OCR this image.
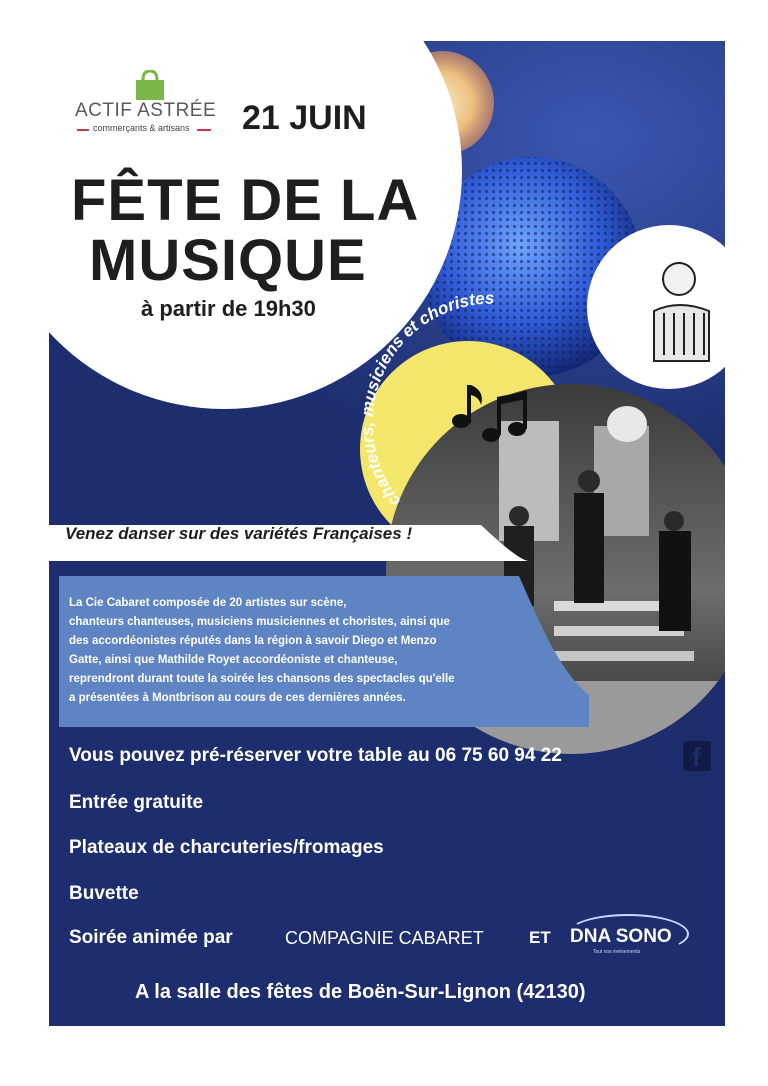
ACTIF ASTRÉE
commerçants & artisans 21 JUIN
FÊTE DE LA
MUSIQUE
à partir de 19h30
chanteurs, musiciens et choristes
Venez danser sur des variétés Françaises !
La Cie Cabaret composée de 20 artistes sur scène,
chanteurs chanteuses, musiciens musiciennes et choristes, ainsi que
des accordéonistes réputés dans la région à savoir Diego et Menzo
Gatte, ainsi que Mathilde Royet accordéoniste et chanteuse,
reprendront durant toute la soirée les chansons des spectacles qu'elle
a présentées à Montbrison au cours de ces dernières années.
Vous pouvez pré-réserver votre table au 06 75 60 94 22	f
Entrée gratuite
Plateaux de charcuteries/fromages
Buvette
Soirée animée par	COMPAGNIE CABARET	ET DNA SONO
Tout vos évènements
A la salle des fêtes de Boën-Sur-Lignon (42130)
